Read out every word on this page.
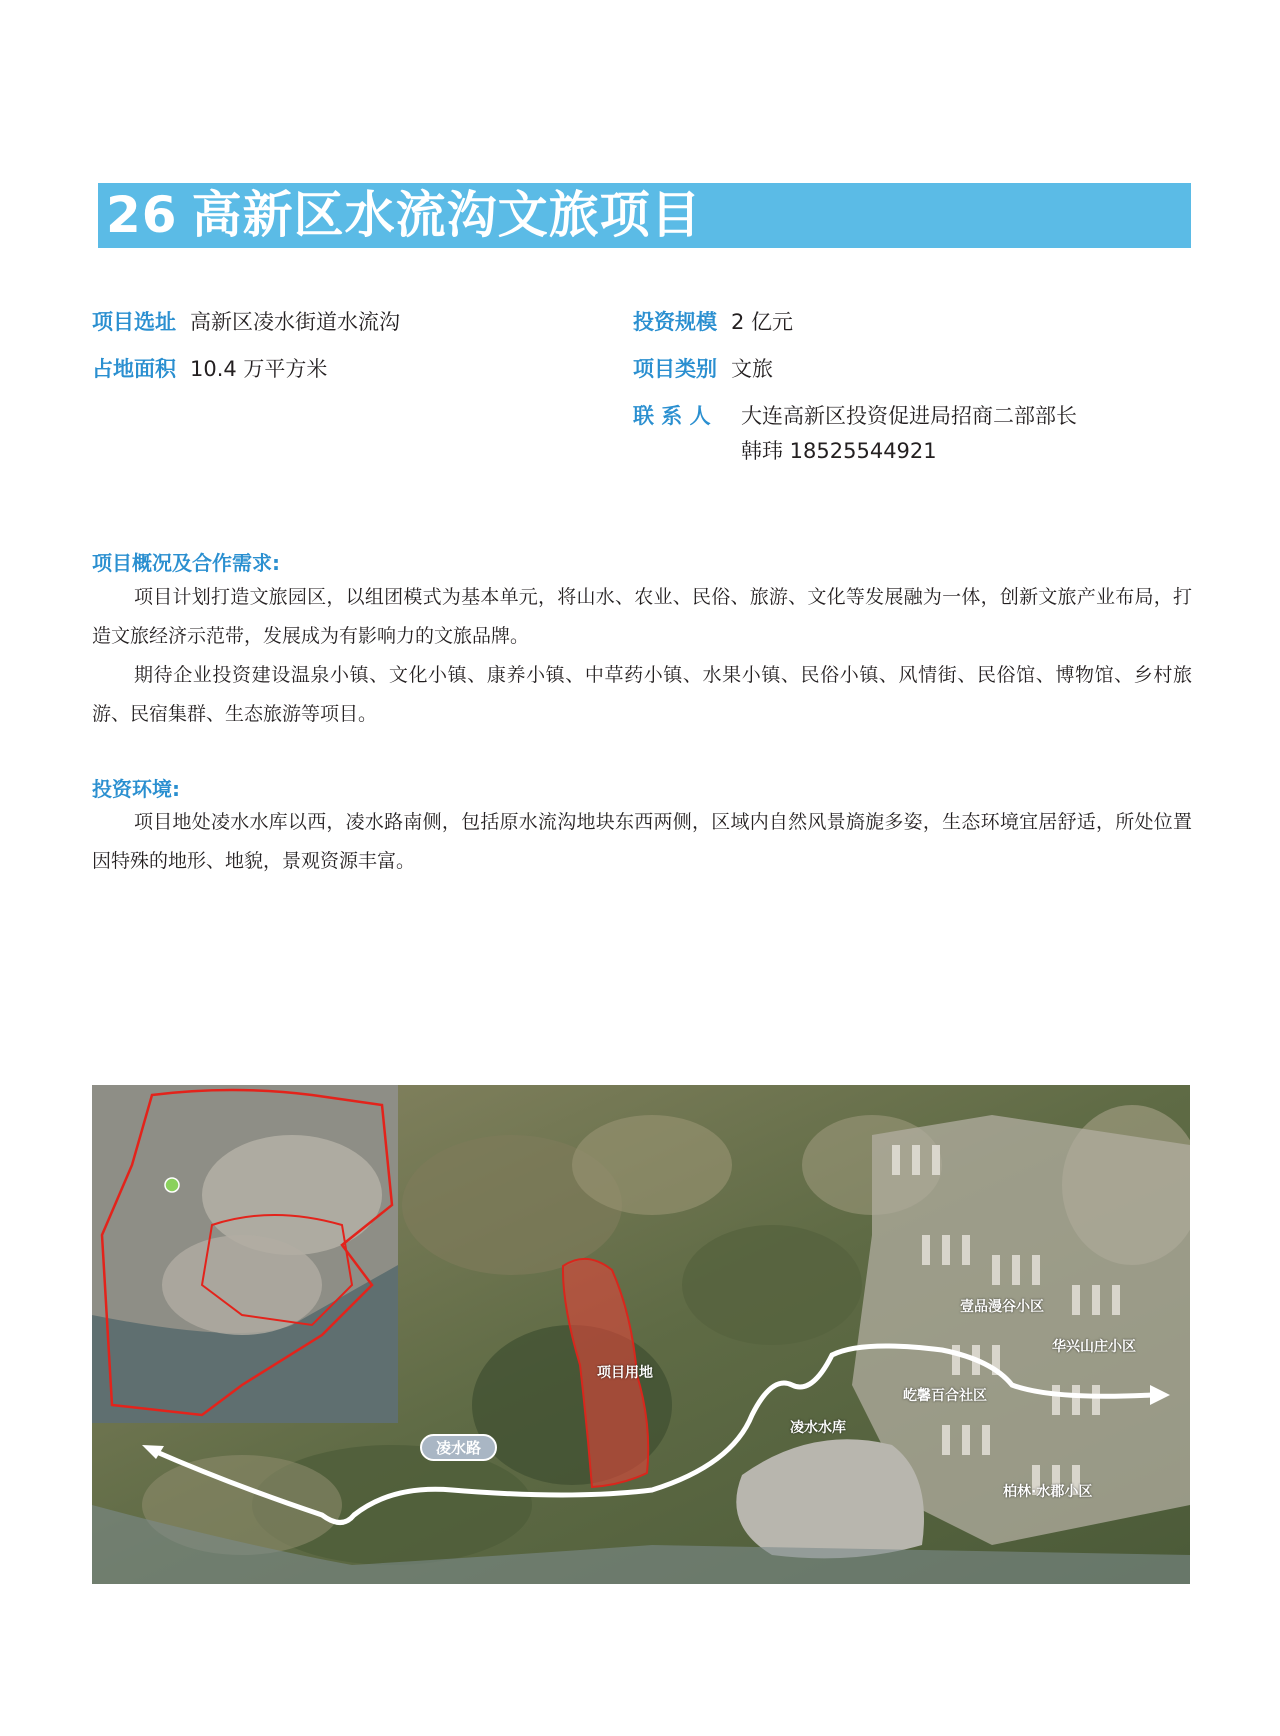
26 高新区水流沟文旅项目
项目选址 高新区凌水街道水流沟
占地面积 10.4 万平方米
投资规模 2 亿元
项目类别 文旅
联 系 人 大连高新区投资促进局招商二部部长
韩玮 18525544921
项目概况及合作需求:
项目计划打造文旅园区，以组团模式为基本单元，将山水、农业、民俗、旅游、文化等发展融为一体，创新文旅产业布局，打造文旅经济示范带，发展成为有影响力的文旅品牌。
期待企业投资建设温泉小镇、文化小镇、康养小镇、中草药小镇、水果小镇、民俗小镇、风情街、民俗馆、博物馆、乡村旅游、民宿集群、生态旅游等项目。
投资环境:
项目地处凌水水库以西，凌水路南侧，包括原水流沟地块东西两侧，区域内自然风景旖旎多姿，生态环境宜居舒适，所处位置因特殊的地形、地貌，景观资源丰富。
项目用地
凌水水库
凌水路
壹品漫谷小区
华兴山庄小区
屹馨百合社区
柏林·水郡小区
